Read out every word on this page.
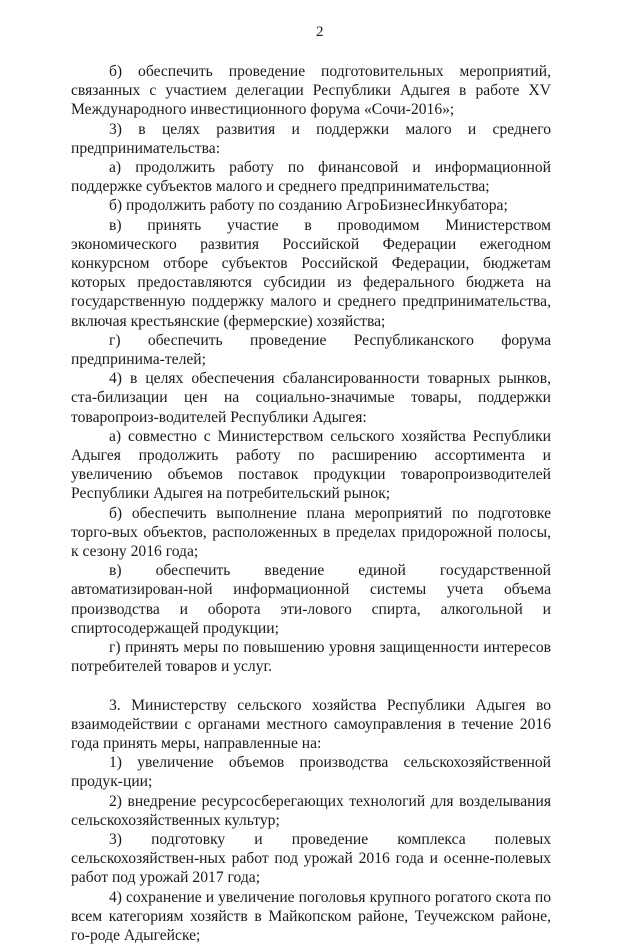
2

б) обеспечить проведение подготовительных мероприятий, связанных с участием делегации Республики Адыгея в работе XV Международного инвестиционного форума «Сочи-2016»;

3) в целях развития и поддержки малого и среднего предпринимательства:

а) продолжить работу по финансовой и информационной поддержке субъектов малого и среднего предпринимательства;

б) продолжить работу по созданию АгроБизнесИнкубатора;

в) принять участие в проводимом Министерством экономического развития Российской Федерации ежегодном конкурсном отборе субъектов Российской Федерации, бюджетам которых предоставляются субсидии из федерального бюджета на государственную поддержку малого и среднего предпринимательства, включая крестьянские (фермерские) хозяйства;

г) обеспечить проведение Республиканского форума предпринима-телей;

4) в целях обеспечения сбалансированности товарных рынков, ста-билизации цен на социально-значимые товары, поддержки товаропроиз-водителей Республики Адыгея:

а) совместно с Министерством сельского хозяйства Республики Адыгея продолжить работу по расширению ассортимента и увеличению объемов поставок продукции товаропроизводителей Республики Адыгея на потребительский рынок;

б) обеспечить выполнение плана мероприятий по подготовке торго-вых объектов, расположенных в пределах придорожной полосы, к сезону 2016 года;

в) обеспечить введение единой государственной автоматизирован-ной информационной системы учета объема производства и оборота эти-лового спирта, алкогольной и спиртосодержащей продукции;

г) принять меры по повышению уровня защищенности интересов потребителей товаров и услуг.

3. Министерству сельского хозяйства Республики Адыгея во взаимодействии с органами местного самоуправления в течение 2016 года принять меры, направленные на:

1) увеличение объемов производства сельскохозяйственной продук-ции;

2) внедрение ресурсосберегающих технологий для возделывания сельскохозяйственных культур;

3) подготовку и проведение комплекса полевых сельскохозяйствен-ных работ под урожай 2016 года и осенне-полевых работ под урожай 2017 года;

4) сохранение и увеличение поголовья крупного рогатого скота по всем категориям хозяйств в Майкопском районе, Теучежском районе, го-роде Адыгейске;
